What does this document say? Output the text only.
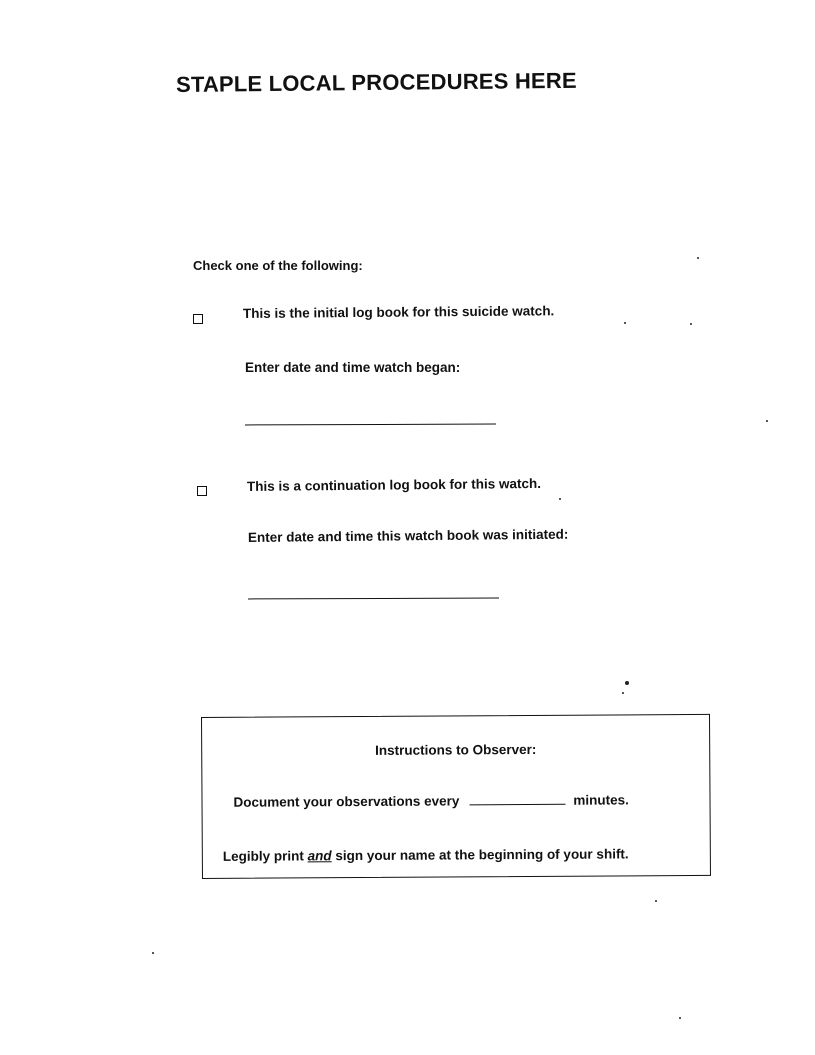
STAPLE LOCAL PROCEDURES HERE
Check one of the following:
This is the initial log book for this suicide watch.
Enter date and time watch began:
This is a continuation log book for this watch.
Enter date and time this watch book was initiated:
Instructions to Observer:
Document your observations every	minutes.
Legibly print and sign your name at the beginning of your shift.
